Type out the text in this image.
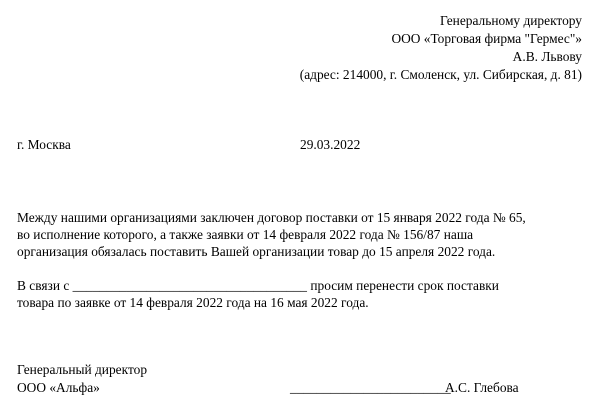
Генеральному директору
ООО «Торговая фирма "Гермес"»
А.В. Львову
(адрес: 214000, г. Смоленск, ул. Сибирская, д. 81)
г. Москва	29.03.2022
Между нашими организациями заключен договор поставки от 15 января 2022 года № 65,
во исполнение которого, а также заявки от 14 февраля 2022 года № 156/87 наша
организация обязалась поставить Вашей организации товар до 15 апреля 2022 года.
В связи с ___________________________________ просим перенести срок поставки
товара по заявке от 14 февраля 2022 года на 16 мая 2022 года.
Генеральный директор
ООО «Альфа»	________________________
А.С. Глебова
